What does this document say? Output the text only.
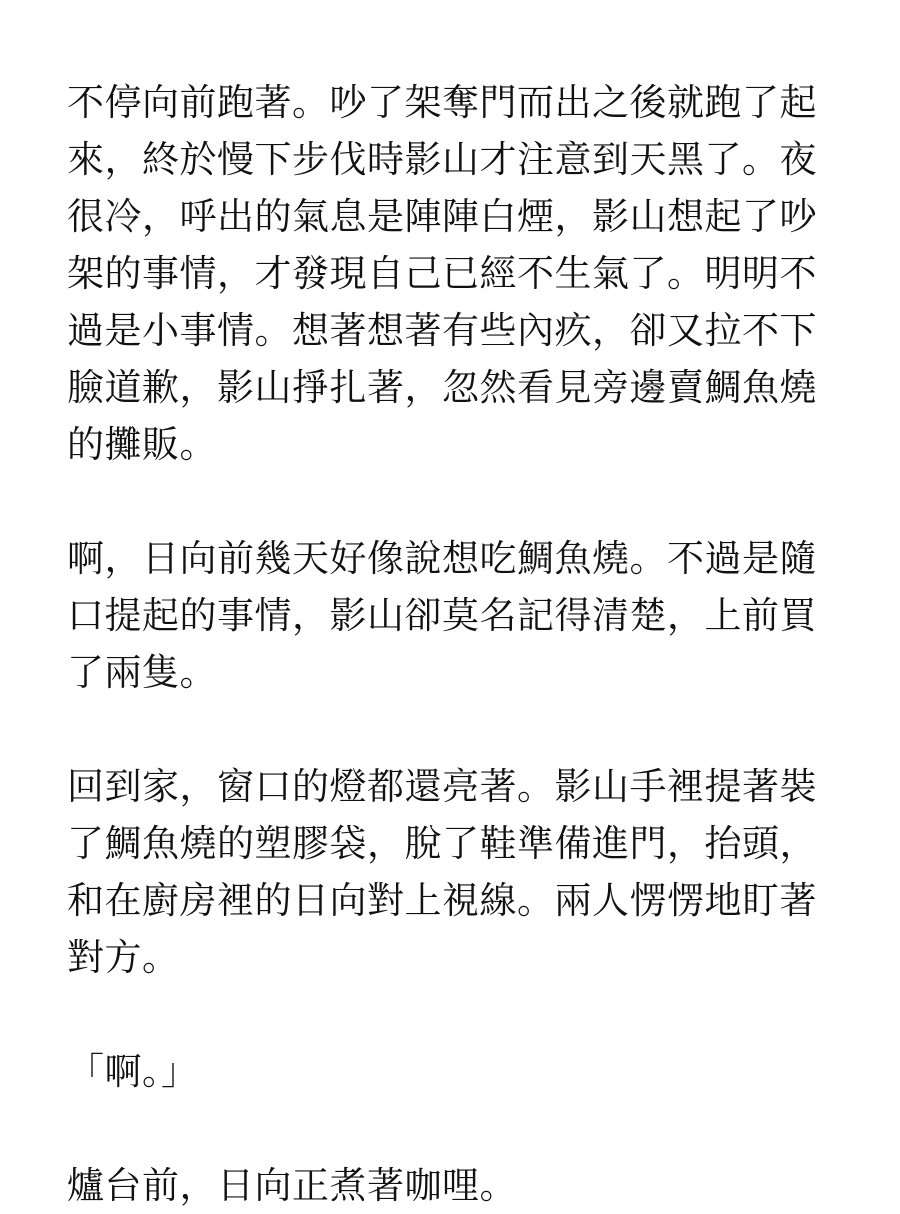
不停向前跑著。吵了架奪門而出之後就跑了起
來，終於慢下步伐時影山才注意到天黑了。夜
很冷，呼出的氣息是陣陣白煙，影山想起了吵
架的事情，才發現自己已經不生氣了。明明不
過是小事情。想著想著有些內疚，卻又拉不下
臉道歉，影山掙扎著，忽然看見旁邊賣鯛魚燒
的攤販。
啊，日向前幾天好像說想吃鯛魚燒。不過是隨
口提起的事情，影山卻莫名記得清楚，上前買
了兩隻。
回到家，窗口的燈都還亮著。影山手裡提著裝
了鯛魚燒的塑膠袋，脫了鞋準備進門，抬頭，
和在廚房裡的日向對上視線。兩人愣愣地盯著
對方。
「啊。」
爐台前，日向正煮著咖哩。
